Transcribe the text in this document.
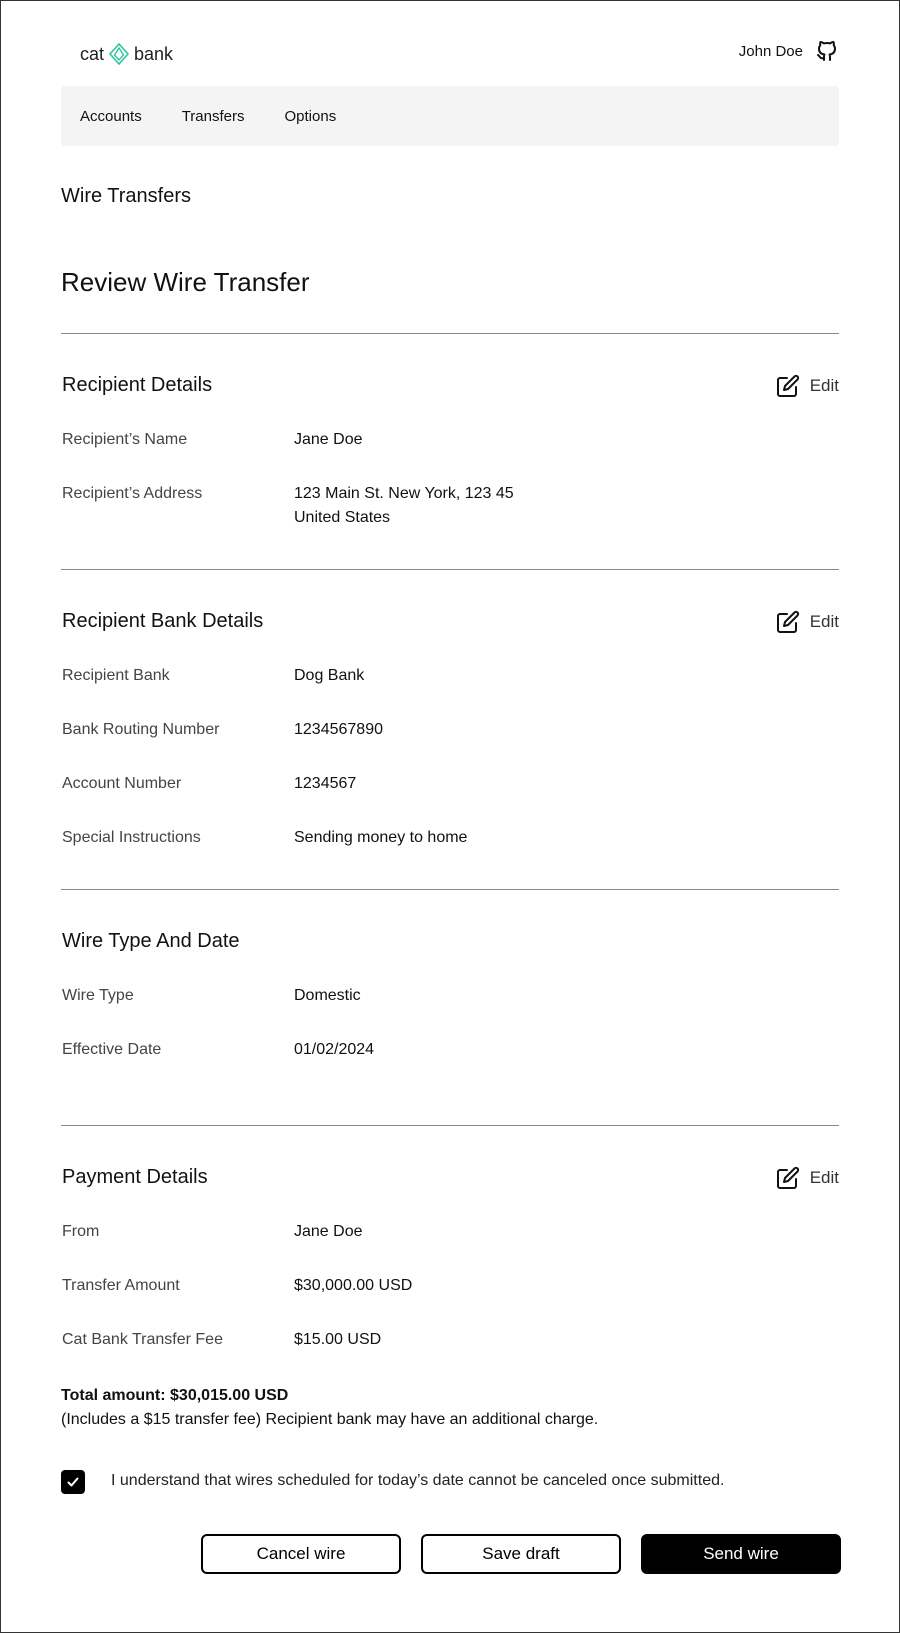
cat bank	John Doe
Accounts	Transfers	Options
Wire Transfers
Review Wire Transfer
Recipient Details	Edit
Recipient’s Name	Jane Doe
Recipient’s Address	123 Main St. New York, 123 45
United States
Recipient Bank Details	Edit
Recipient Bank	Dog Bank
Bank Routing Number	1234567890
Account Number	1234567
Special Instructions	Sending money to home
Wire Type And Date
Wire Type	Domestic
Effective Date	01/02/2024
Payment Details	Edit
From	Jane Doe
Transfer Amount	$30,000.00 USD
Cat Bank Transfer Fee	$15.00 USD
Total amount: $30,015.00 USD
(Includes a $15 transfer fee) Recipient bank may have an additional charge.
I understand that wires scheduled for today’s date cannot be canceled once submitted.
Cancel wire	Save draft	Send wire
